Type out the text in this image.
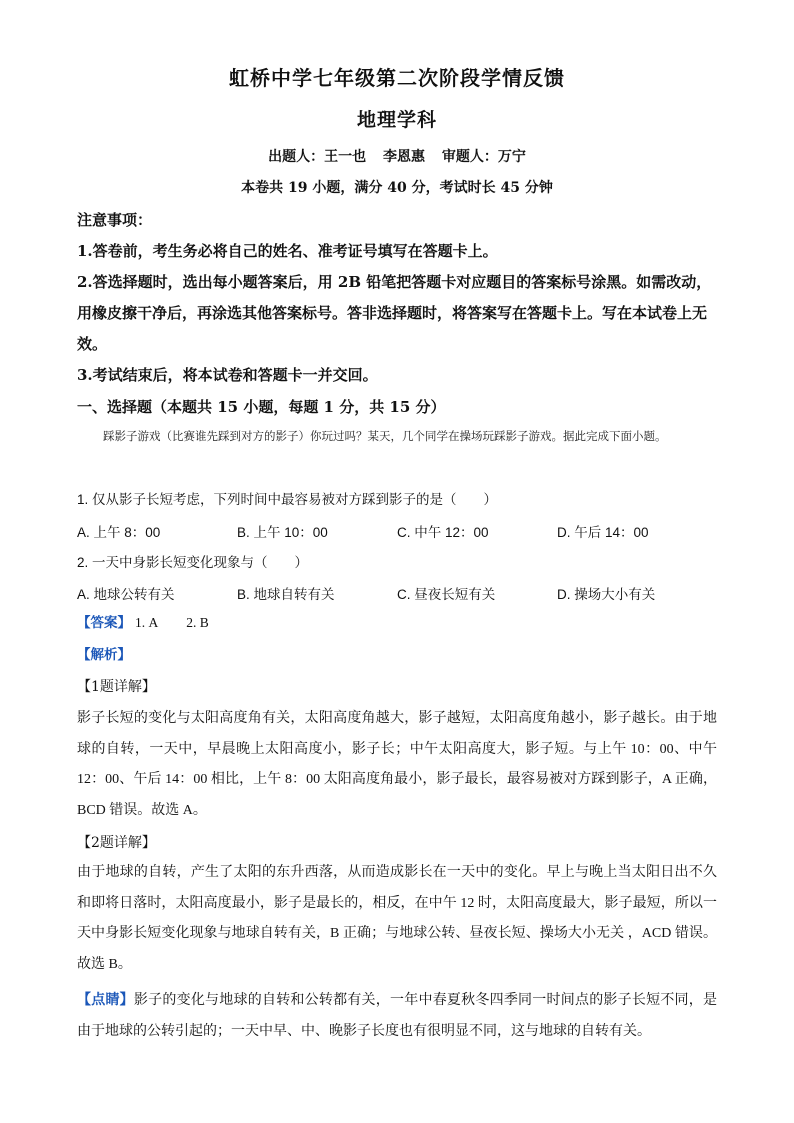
虹桥中学七年级第二次阶段学情反馈
地理学科
出题人：王一也 李恩惠 审题人：万宁
本卷共 19 小题，满分 40 分，考试时长 45 分钟
注意事项：
1.答卷前，考生务必将自己的姓名、准考证号填写在答题卡上。
2.答选择题时，选出每小题答案后，用 2B 铅笔把答题卡对应题目的答案标号涂黑。如需改动，用橡皮擦干净后，再涂选其他答案标号。答非选择题时，将答案写在答题卡上。写在本试卷上无效。
3.考试结束后，将本试卷和答题卡一并交回。
一、选择题（本题共 15 小题，每题 1 分，共 15 分）
踩影子游戏（比赛谁先踩到对方的影子）你玩过吗？某天，几个同学在操场玩踩影子游戏。据此完成下面小题。
1. 仅从影子长短考虑，下列时间中最容易被对方踩到影子的是（　　）
A. 上午 8：00	B. 上午 10：00	C. 中午 12：00	D. 午后 14：00
2. 一天中身影长短变化现象与（　　）
A. 地球公转有关	B. 地球自转有关	C. 昼夜长短有关	D. 操场大小有关
【答案】 1. A 2. B
【解析】
【1题详解】
影子长短的变化与太阳高度角有关，太阳高度角越大，影子越短，太阳高度角越小，影子越长。由于地球的自转，一天中，早晨晚上太阳高度小，影子长；中午太阳高度大，影子短。与上午 10：00、中午 12：00、午后 14：00 相比，上午 8：00 太阳高度角最小，影子最长，最容易被对方踩到影子，A 正确，BCD 错误。故选 A。
【2题详解】
由于地球的自转，产生了太阳的东升西落，从而造成影长在一天中的变化。早上与晚上当太阳日出不久和即将日落时，太阳高度最小，影子是最长的，相反，在中午 12 时，太阳高度最大，影子最短，所以一天中身影长短变化现象与地球自转有关，B 正确；与地球公转、昼夜长短、操场大小无关 ，ACD 错误。故选 B。
【点睛】影子的变化与地球的自转和公转都有关，一年中春夏秋冬四季同一时间点的影子长短不同，是由于地球的公转引起的；一天中早、中、晚影子长度也有很明显不同，这与地球的自转有关。
